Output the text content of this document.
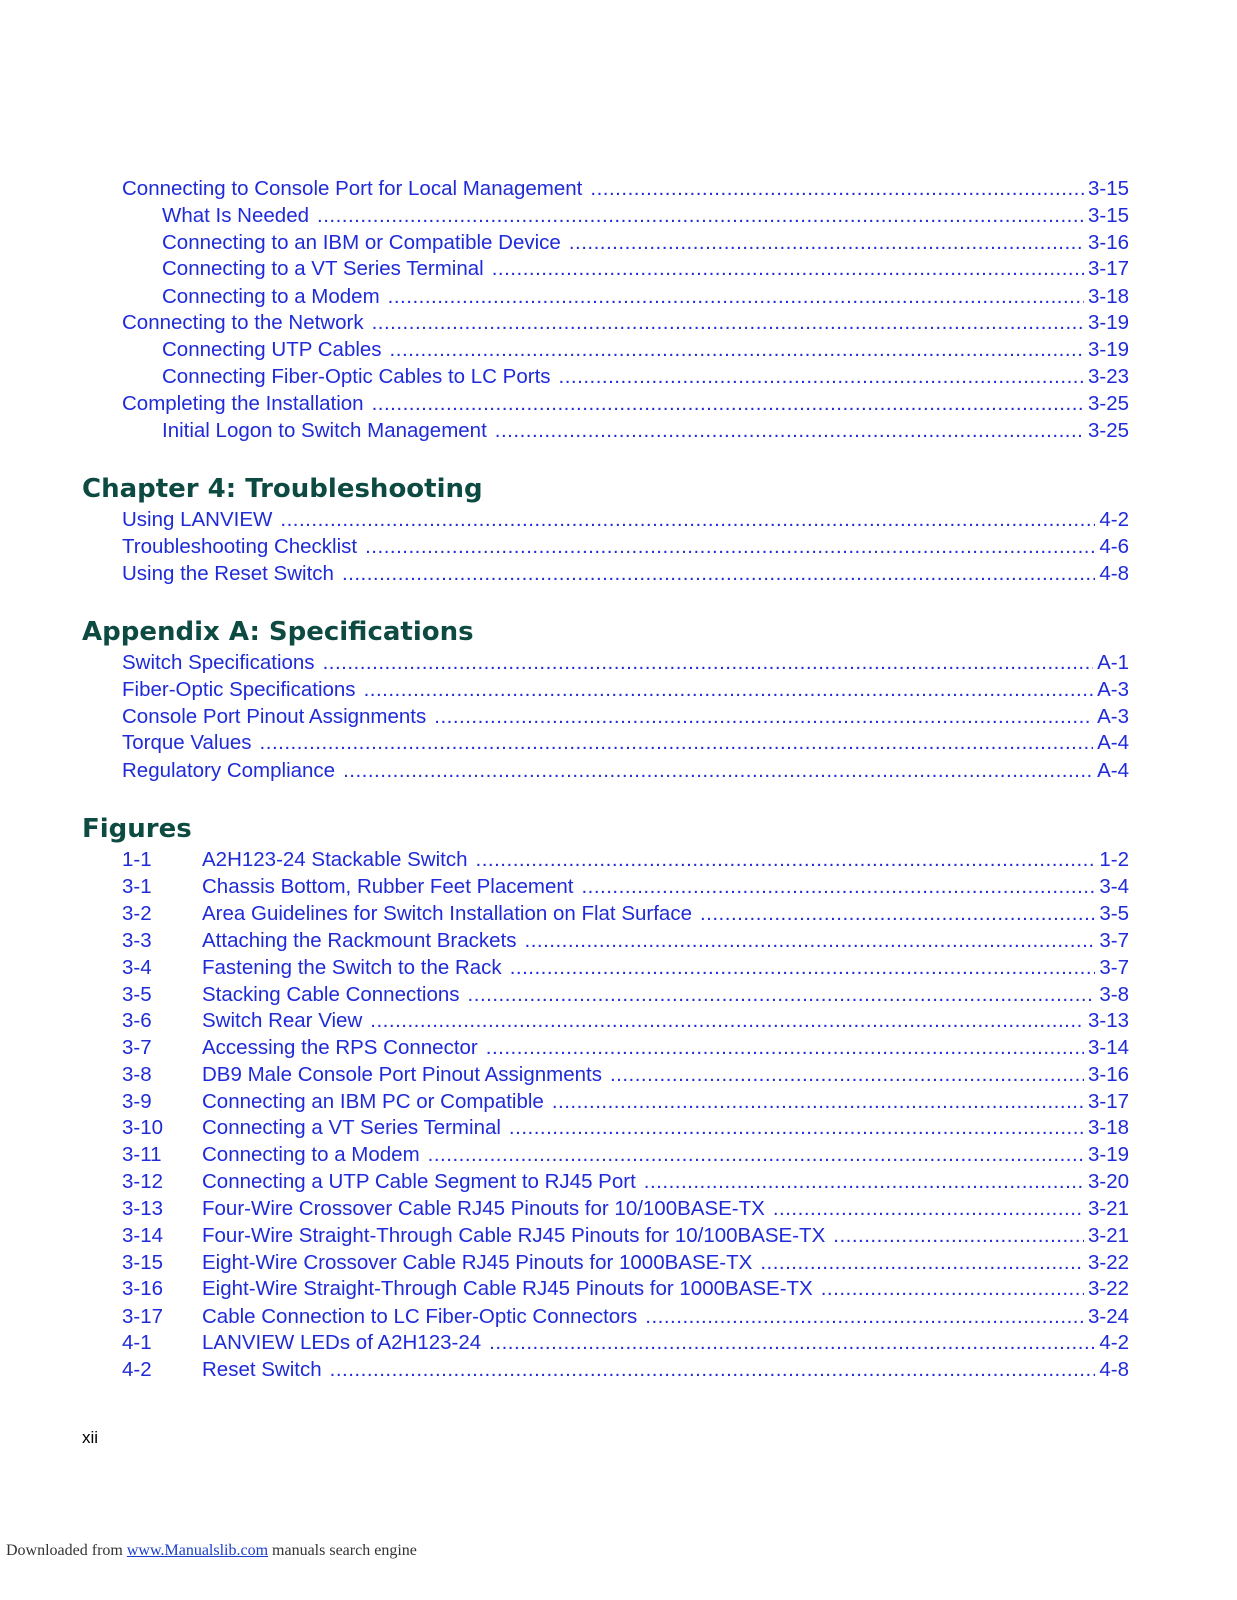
Connecting to Console Port for Local Management .....	3-15
What Is Needed .....	3-15
Connecting to an IBM or Compatible Device .....	3-16
Connecting to a VT Series Terminal .....	3-17
Connecting to a Modem .....	3-18
Connecting to the Network .....	3-19
Connecting UTP Cables .....	3-19
Connecting Fiber-Optic Cables to LC Ports .....	3-23
Completing the Installation .....	3-25
Initial Logon to Switch Management .....	3-25
Chapter 4: Troubleshooting
Using LANVIEW .....	4-2
Troubleshooting Checklist .....	4-6
Using the Reset Switch .....	4-8
Appendix A: Specifications
Switch Specifications .....	A-1
Fiber-Optic Specifications .....	A-3
Console Port Pinout Assignments .....	A-3
Torque Values .....	A-4
Regulatory Compliance .....	A-4
Figures
1-1	A2H123-24 Stackable Switch .....	1-2
3-1	Chassis Bottom, Rubber Feet Placement .....	3-4
3-2	Area Guidelines for Switch Installation on Flat Surface .....	3-5
3-3	Attaching the Rackmount Brackets .....	3-7
3-4	Fastening the Switch to the Rack .....	3-7
3-5	Stacking Cable Connections .....	3-8
3-6	Switch Rear View .....	3-13
3-7	Accessing the RPS Connector .....	3-14
3-8	DB9 Male Console Port Pinout Assignments .....	3-16
3-9	Connecting an IBM PC or Compatible .....	3-17
3-10	Connecting a VT Series Terminal .....	3-18
3-11	Connecting to a Modem .....	3-19
3-12	Connecting a UTP Cable Segment to RJ45 Port .....	3-20
3-13	Four-Wire Crossover Cable RJ45 Pinouts for 10/100BASE-TX .....	3-21
3-14	Four-Wire Straight-Through Cable RJ45 Pinouts for 10/100BASE-TX .....	3-21
3-15	Eight-Wire Crossover Cable RJ45 Pinouts for 1000BASE-TX .....	3-22
3-16	Eight-Wire Straight-Through Cable RJ45 Pinouts for 1000BASE-TX .....	3-22
3-17	Cable Connection to LC Fiber-Optic Connectors .....	3-24
4-1	LANVIEW LEDs of A2H123-24 .....	4-2
4-2	Reset Switch .....	4-8
xii
Downloaded from www.Manualslib.com manuals search engine
